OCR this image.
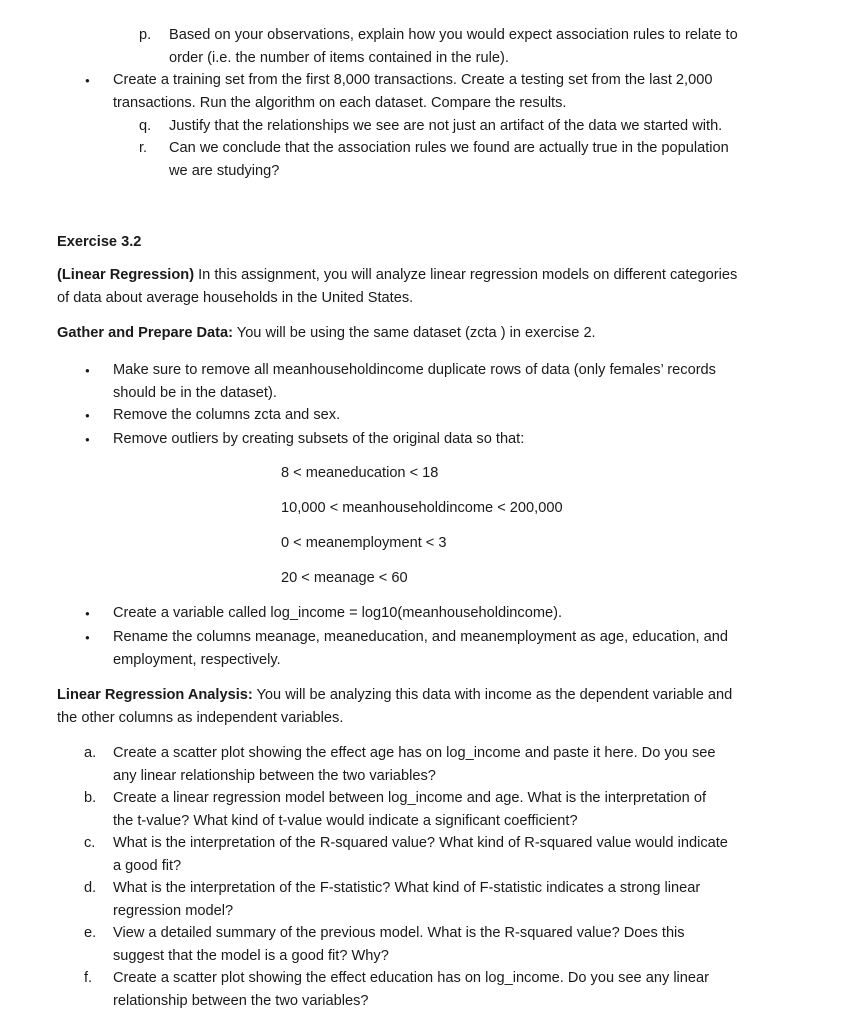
p. Based on your observations, explain how you would expect association rules to relate to
order (i.e. the number of items contained in the rule).
●
Create a training set from the first 8,000 transactions. Create a testing set from the last 2,000
transactions. Run the algorithm on each dataset. Compare the results.
q. Justify that the relationships we see are not just an artifact of the data we started with.
r. Can we conclude that the association rules we found are actually true in the population
we are studying?
Exercise 3.2
(Linear Regression) In this assignment, you will analyze linear regression models on different categories
of data about average households in the United States.
Gather and Prepare Data: You will be using the same dataset (zcta ) in exercise 2.
●
Make sure to remove all meanhouseholdincome duplicate rows of data (only females’ records
should be in the dataset).
●
Remove the columns zcta and sex.
●
Remove outliers by creating subsets of the original data so that:
8 < meaneducation < 18
10,000 < meanhouseholdincome < 200,000
0 < meanemployment < 3
20 < meanage < 60
●
Create a variable called log_income = log10(meanhouseholdincome).
●
Rename the columns meanage, meaneducation, and meanemployment as age, education, and
employment, respectively.
Linear Regression Analysis: You will be analyzing this data with income as the dependent variable and
the other columns as independent variables.
a. Create a scatter plot showing the effect age has on log_income and paste it here. Do you see
any linear relationship between the two variables?
b. Create a linear regression model between log_income and age. What is the interpretation of
the t-value? What kind of t-value would indicate a significant coefficient?
c. What is the interpretation of the R-squared value? What kind of R-squared value would indicate
a good fit?
d. What is the interpretation of the F-statistic? What kind of F-statistic indicates a strong linear
regression model?
e. View a detailed summary of the previous model. What is the R-squared value? Does this
suggest that the model is a good fit? Why?
f. Create a scatter plot showing the effect education has on log_income. Do you see any linear
relationship between the two variables?
